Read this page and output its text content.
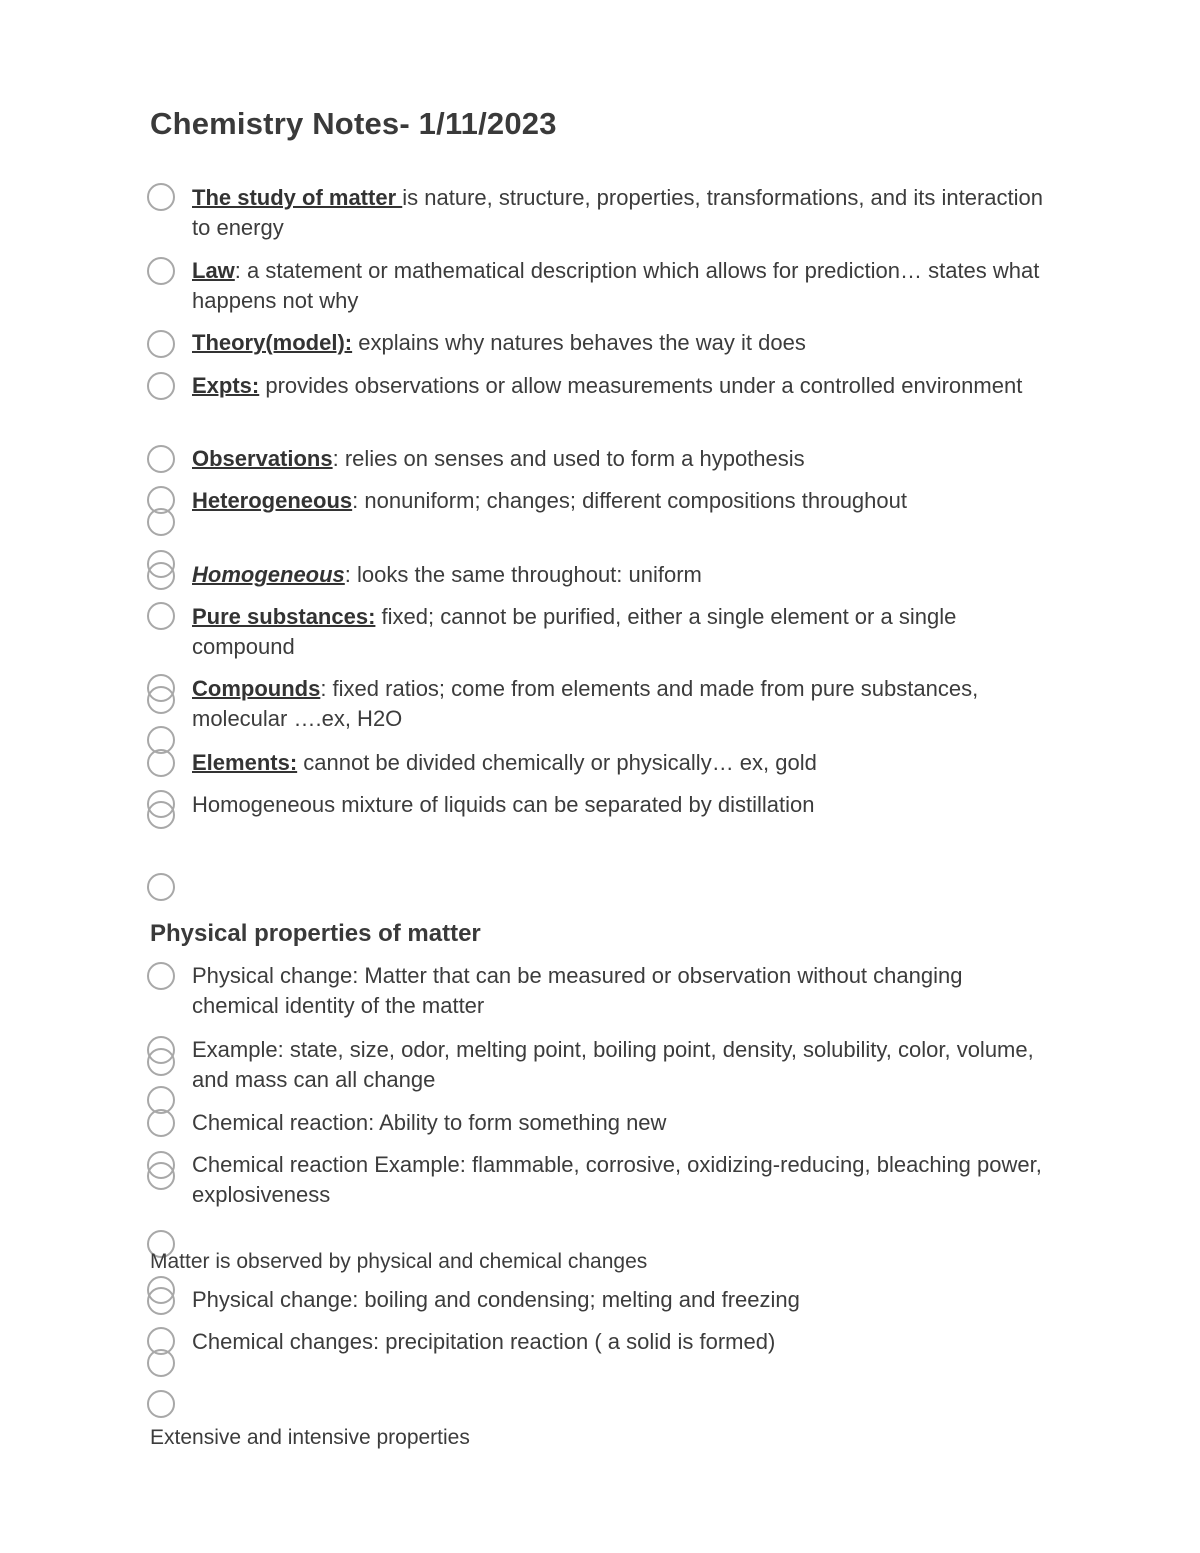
Chemistry Notes- 1/11/2023
The study of matter is nature, structure, properties, transformations, and its interaction to energy
Law: a statement or mathematical description which allows for prediction… states what happens not why
Theory(model): explains why natures behaves the way it does
Expts: provides observations or allow measurements under a controlled environment
Observations: relies on senses and used to form a hypothesis
Heterogeneous: nonuniform; changes; different compositions throughout
Homogeneous: looks the same throughout: uniform
Pure substances: fixed; cannot be purified, either a single element or a single compound
Compounds: fixed ratios; come from elements and made from pure substances, molecular ….ex, H2O
Elements: cannot be divided chemically or physically… ex, gold
Homogeneous mixture of liquids can be separated by distillation
Physical properties of matter
Physical change: Matter that can be measured or observation without changing chemical identity of the matter
Example: state, size, odor, melting point, boiling point, density, solubility, color, volume, and mass can all change
Chemical reaction: Ability to form something new
Chemical reaction Example: flammable, corrosive, oxidizing-reducing, bleaching power, explosiveness
Matter is observed by physical and chemical changes
Physical change: boiling and condensing; melting and freezing
Chemical changes: precipitation reaction ( a solid is formed)
Extensive and intensive properties
